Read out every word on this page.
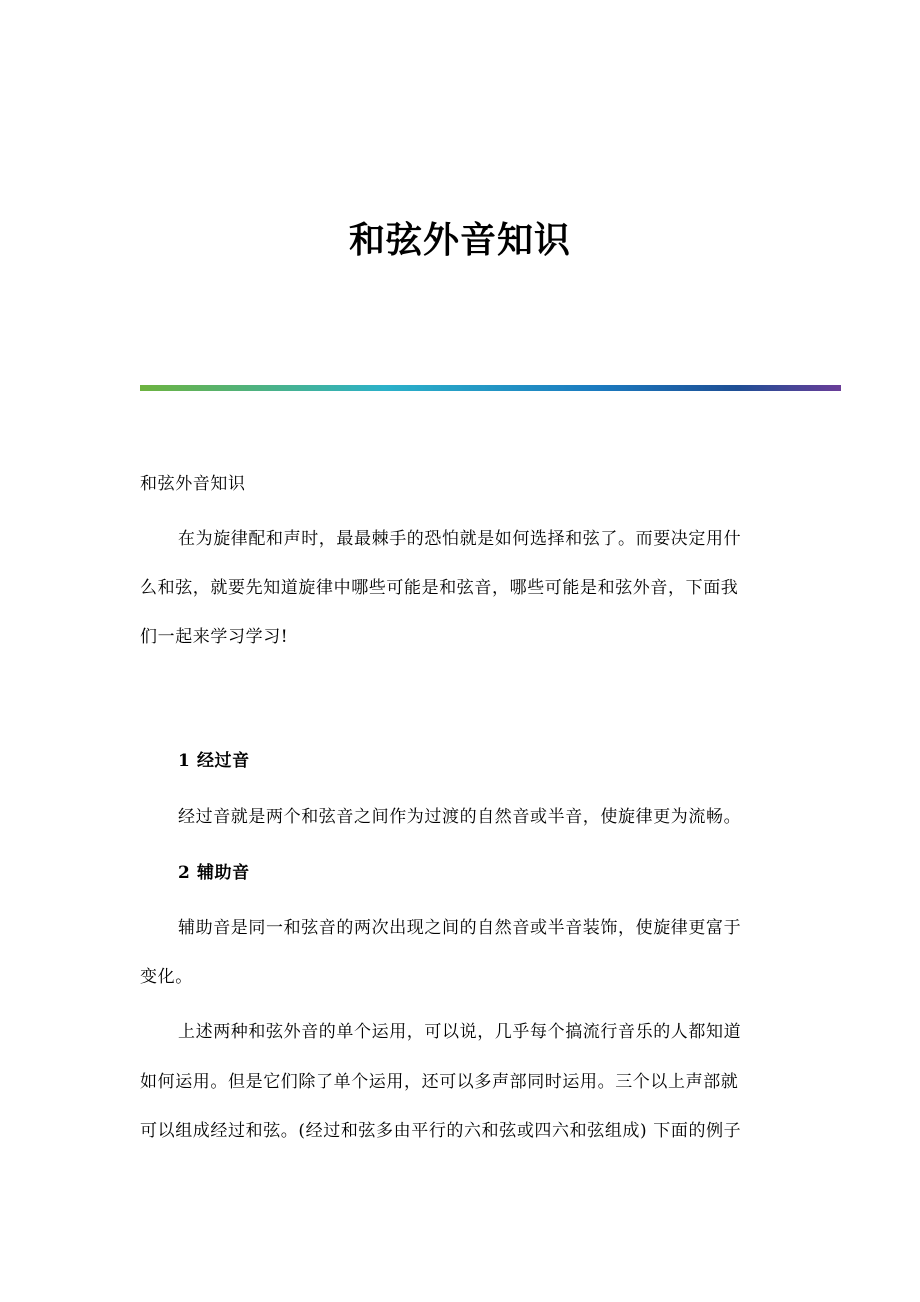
和弦外音知识
和弦外音知识
在为旋律配和声时，最最棘手的恐怕就是如何选择和弦了。而要决定用什
么和弦，就要先知道旋律中哪些可能是和弦音，哪些可能是和弦外音，下面我
们一起来学习学习!
1 经过音
经过音就是两个和弦音之间作为过渡的自然音或半音，使旋律更为流畅。
2 辅助音
辅助音是同一和弦音的两次出现之间的自然音或半音装饰，使旋律更富于
变化。
上述两种和弦外音的单个运用，可以说，几乎每个搞流行音乐的人都知道
如何运用。但是它们除了单个运用，还可以多声部同时运用。三个以上声部就
可以组成经过和弦。(经过和弦多由平行的六和弦或四六和弦组成) 下面的例子
